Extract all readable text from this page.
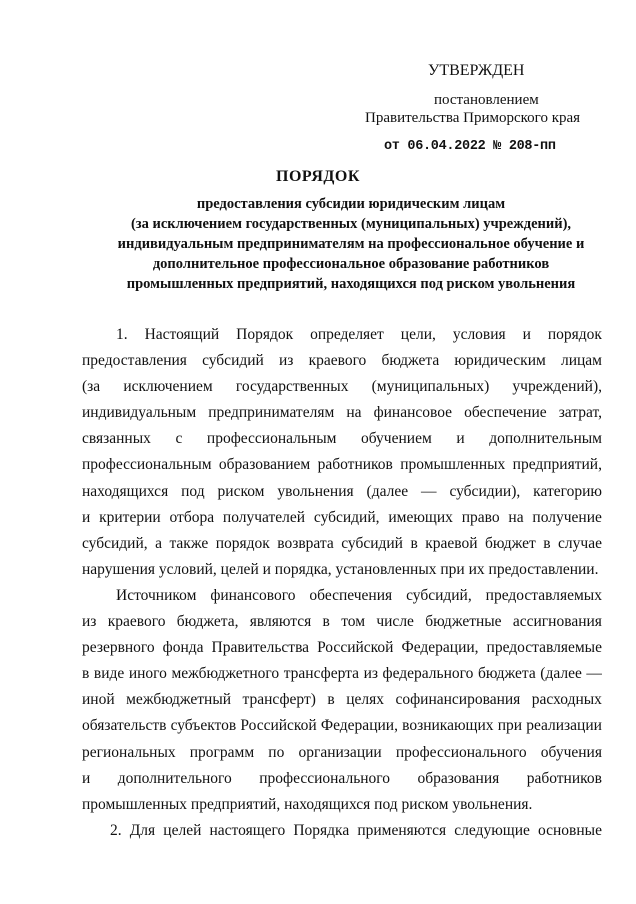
УТВЕРЖДЕН
постановлением
Правительства Приморского края
от 06.04.2022 № 208-пп
ПОРЯДОК
предоставления субсидии юридическим лицам
(за исключением государственных (муниципальных) учреждений),
индивидуальным предпринимателям на профессиональное обучение и
дополнительное профессиональное образование работников
промышленных предприятий, находящихся под риском увольнения
1. Настоящий Порядок определяет цели, условия и порядок
предоставления субсидий из краевого бюджета юридическим лицам
(за исключением государственных (муниципальных) учреждений),
индивидуальным предпринимателям на финансовое обеспечение затрат,
связанных с профессиональным обучением и дополнительным
профессиональным образованием работников промышленных предприятий,
находящихся под риском увольнения (далее — субсидии), категорию
и критерии отбора получателей субсидий, имеющих право на получение
субсидий, а также порядок возврата субсидий в краевой бюджет в случае
нарушения условий, целей и порядка, установленных при их предоставлении.
Источником финансового обеспечения субсидий, предоставляемых
из краевого бюджета, являются в том числе бюджетные ассигнования
резервного фонда Правительства Российской Федерации, предоставляемые
в виде иного межбюджетного трансферта из федерального бюджета (далее —
иной межбюджетный трансферт) в целях софинансирования расходных
обязательств субъектов Российской Федерации, возникающих при реализации
региональных программ по организации профессионального обучения
и дополнительного профессионального образования работников
промышленных предприятий, находящихся под риском увольнения.
2. Для целей настоящего Порядка применяются следующие основные
